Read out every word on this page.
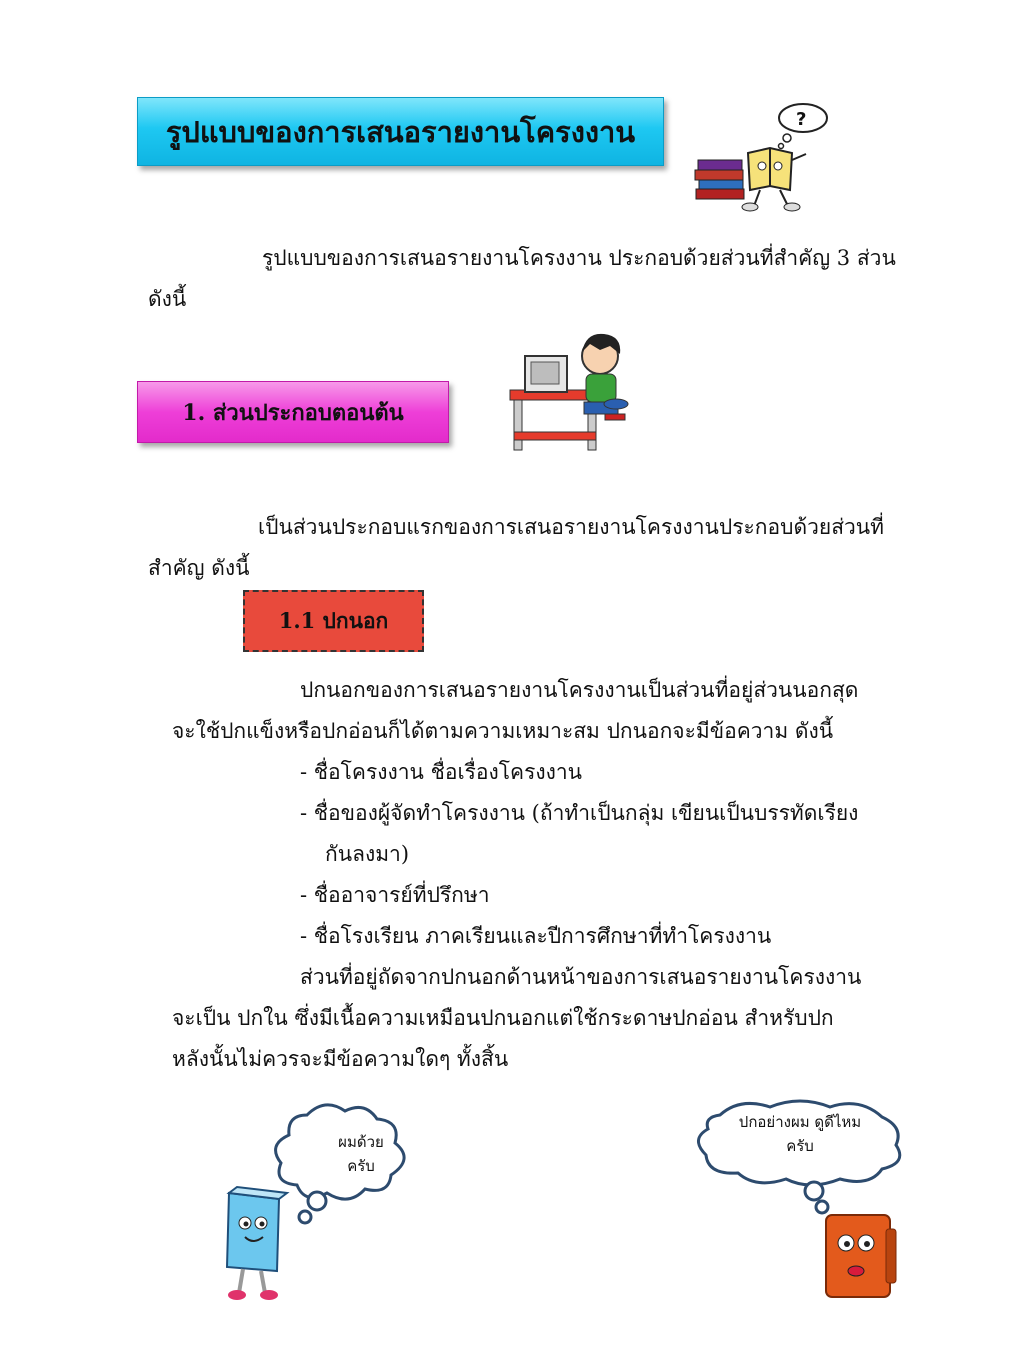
รูปแบบของการเสนอรายงานโครงงาน	?
รูปแบบของการเสนอรายงานโครงงาน ประกอบด้วยส่วนที่สำคัญ 3 ส่วน
ดังนี้
1. ส่วนประกอบตอนต้น
เป็นส่วนประกอบแรกของการเสนอรายงานโครงงานประกอบด้วยส่วนที่
สำคัญ ดังนี้
1.1 ปกนอก
ปกนอกของการเสนอรายงานโครงงานเป็นส่วนที่อยู่ส่วนนอกสุด
จะใช้ปกแข็งหรือปกอ่อนก็ได้ตามความเหมาะสม ปกนอกจะมีข้อความ ดังนี้
- ชื่อโครงงาน ชื่อเรื่องโครงงาน
- ชื่อของผู้จัดทำโครงงาน (ถ้าทำเป็นกลุ่ม เขียนเป็นบรรทัดเรียง
กันลงมา)
- ชื่ออาจารย์ที่ปรึกษา
- ชื่อโรงเรียน ภาคเรียนและปีการศึกษาที่ทำโครงงาน
ส่วนที่อยู่ถัดจากปกนอกด้านหน้าของการเสนอรายงานโครงงาน
จะเป็น ปกใน ซึ่งมีเนื้อความเหมือนปกนอกแต่ใช้กระดาษปกอ่อน สำหรับปก
หลังนั้นไม่ควรจะมีข้อความใดๆ ทั้งสิ้น
ผมด้วย
ครับ
ปกอย่างผม ดูดีไหม
ครับ
